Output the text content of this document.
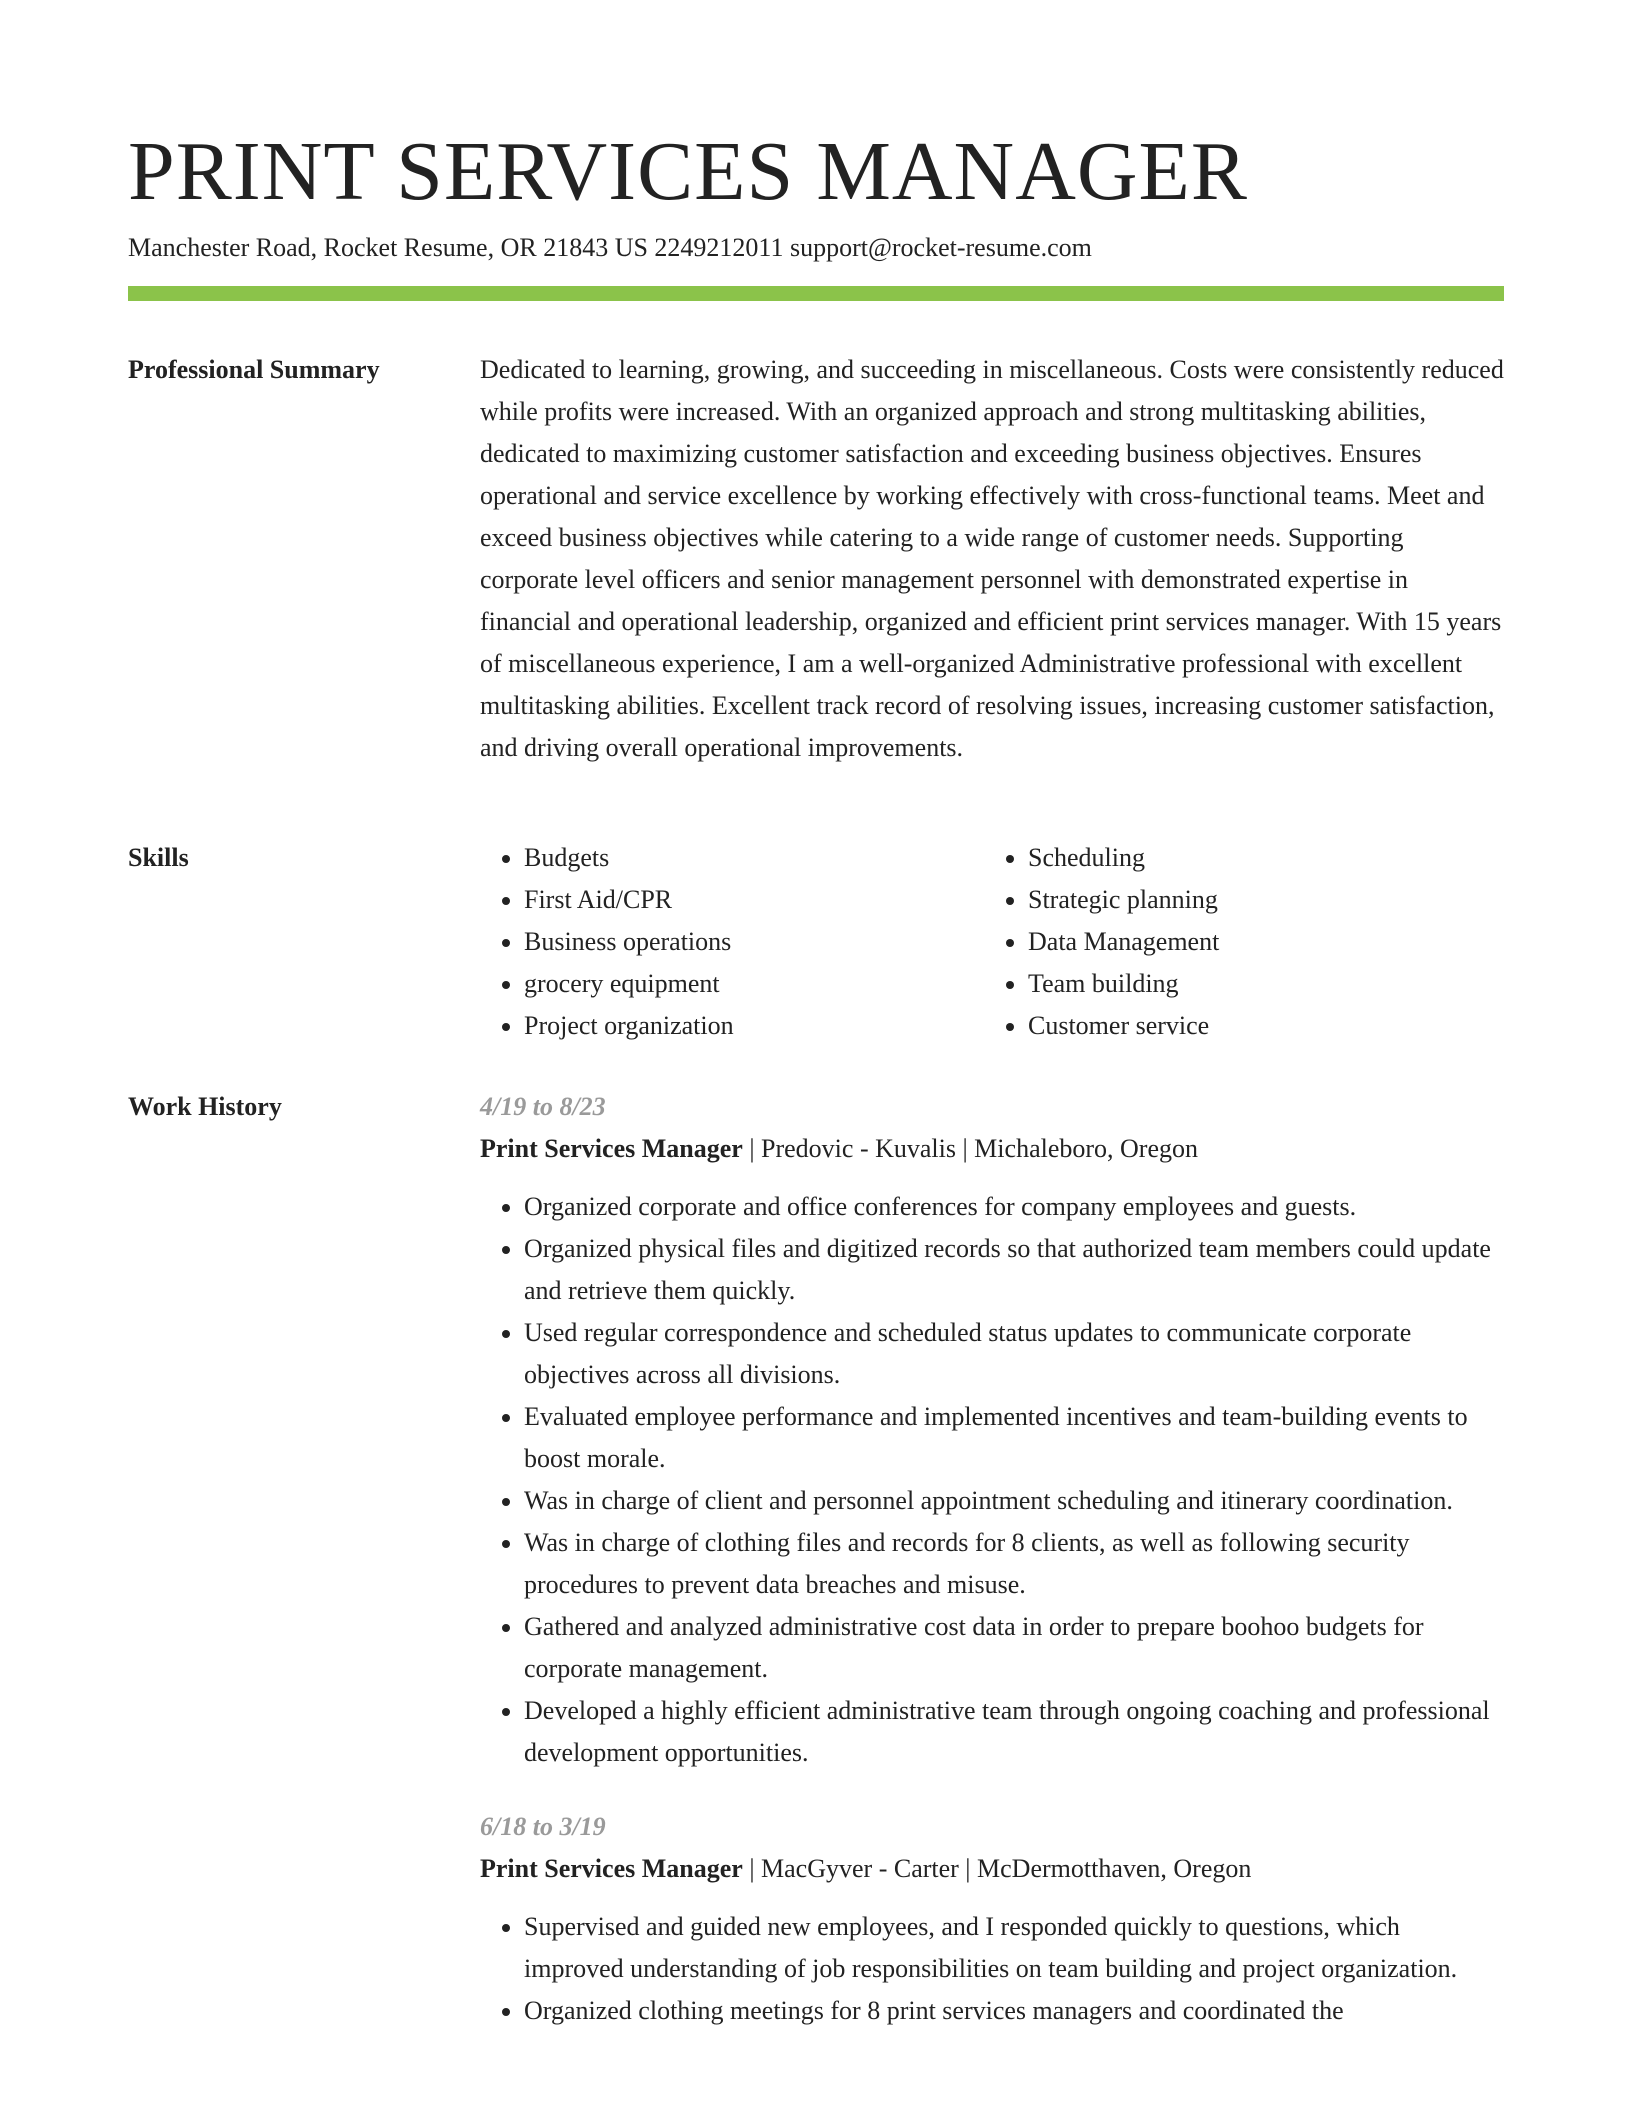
PRINT SERVICES MANAGER
Manchester Road, Rocket Resume, OR 21843 US 2249212011 support@rocket-resume.com
Professional Summary	Dedicated to learning, growing, and succeeding in miscellaneous. Costs were consistently reduced while profits were increased. With an organized approach and strong multitasking abilities, dedicated to maximizing customer satisfaction and exceeding business objectives. Ensures operational and service excellence by working effectively with cross-functional teams. Meet and exceed business objectives while catering to a wide range of customer needs. Supporting corporate level officers and senior management personnel with demonstrated expertise in financial and operational leadership, organized and efficient print services manager. With 15 years of miscellaneous experience, I am a well-organized Administrative professional with excellent multitasking abilities. Excellent track record of resolving issues, increasing customer satisfaction, and driving overall operational improvements.

Skills
•	Budgets
• First Aid/CPR
• Business operations
• grocery equipment
• Project organization
• Scheduling
• Strategic planning
• Data Management
• Team building
• Customer service
Work History	4/19 to 8/23
Print Services Manager | Predovic - Kuvalis | Michaleboro, Oregon
• Organized corporate and office conferences for company employees and guests.
• Organized physical files and digitized records so that authorized team members could update and retrieve them quickly.
• Used regular correspondence and scheduled status updates to communicate corporate objectives across all divisions.
• Evaluated employee performance and implemented incentives and team-building events to boost morale.
• Was in charge of client and personnel appointment scheduling and itinerary coordination.
• Was in charge of clothing files and records for 8 clients, as well as following security procedures to prevent data breaches and misuse.
• Gathered and analyzed administrative cost data in order to prepare boohoo budgets for corporate management.
• Developed a highly efficient administrative team through ongoing coaching and professional development opportunities.
6/18 to 3/19
Print Services Manager | MacGyver - Carter | McDermotthaven, Oregon
• Supervised and guided new employees, and I responded quickly to questions, which improved understanding of job responsibilities on team building and project organization.
• Organized clothing meetings for 8 print services managers and coordinated the
